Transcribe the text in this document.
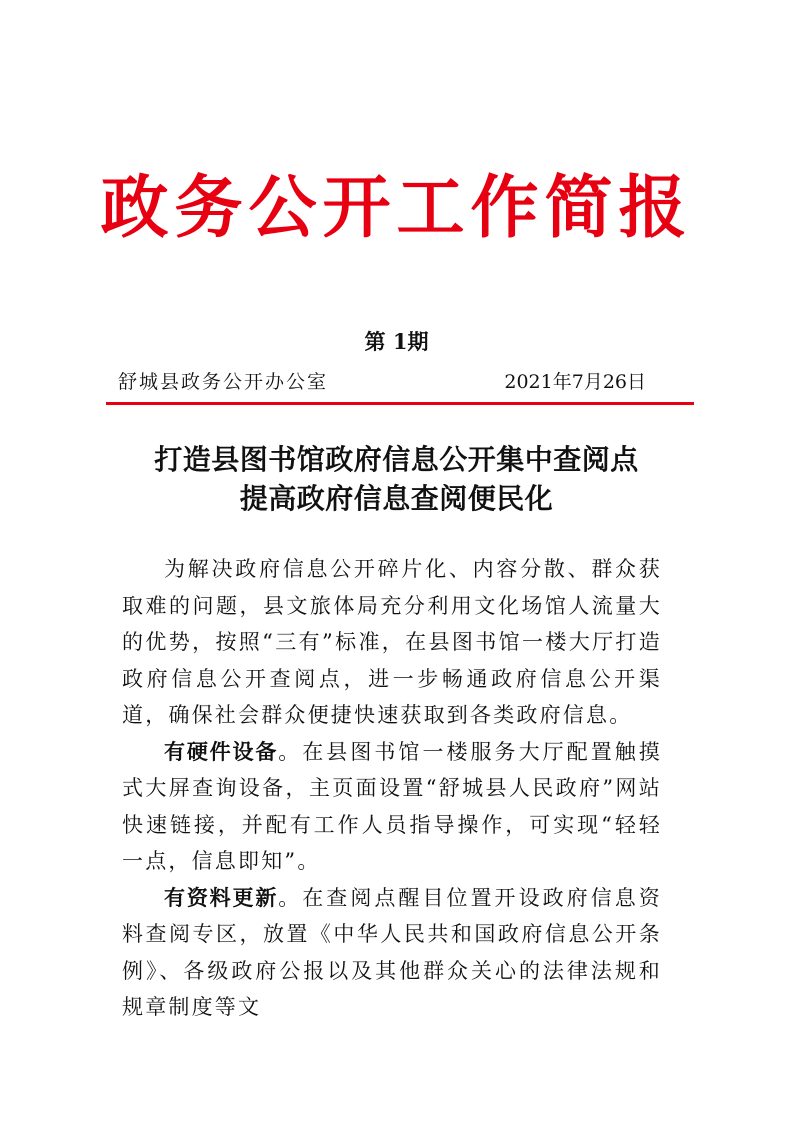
政务公开工作简报
第 1期
舒城县政务公开办公室	2021年7月26日
打造县图书馆政府信息公开集中查阅点
提高政府信息查阅便民化

为解决政府信息公开碎片化、内容分散、群众获取难的问题，县文旅体局充分利用文化场馆人流量大的优势，按照“三有”标准，在县图书馆一楼大厅打造政府信息公开查阅点，进一步畅通政府信息公开渠道，确保社会群众便捷快速获取到各类政府信息。

有硬件设备。在县图书馆一楼服务大厅配置触摸式大屏查询设备，主页面设置“舒城县人民政府”网站快速链接，并配有工作人员指导操作，可实现“轻轻一点，信息即知”。

有资料更新。在查阅点醒目位置开设政府信息资料查阅专区，放置《中华人民共和国政府信息公开条例》、各级政府公报以及其他群众关心的法律法规和规章制度等文
